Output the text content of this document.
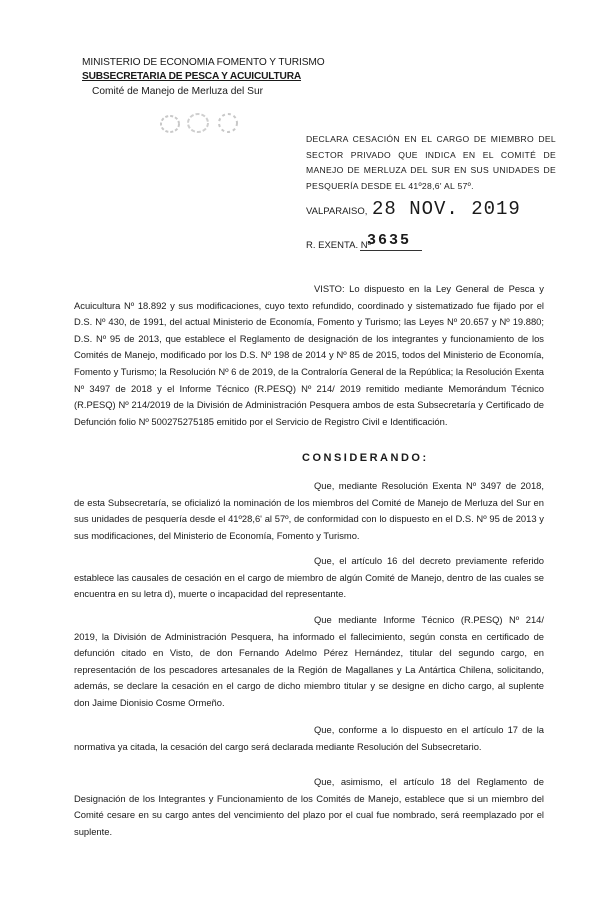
MINISTERIO DE ECONOMIA FOMENTO Y TURISMO
SUBSECRETARIA DE PESCA Y ACUICULTURA
Comité de Manejo de Merluza del Sur
DECLARA CESACIÓN EN EL CARGO DE MIEMBRO DEL SECTOR PRIVADO QUE INDICA EN EL COMITÉ DE MANEJO DE MERLUZA DEL SUR EN SUS UNIDADES DE PESQUERÍA DESDE EL 41º28,6' AL 57º.
VALPARAISO, 28 NOV. 2019
R. EXENTA. Nº
3635

VISTO: Lo dispuesto en la Ley General de Pesca y Acuicultura Nº 18.892 y sus modificaciones, cuyo texto refundido, coordinado y sistematizado fue fijado por el D.S. Nº 430, de 1991, del actual Ministerio de Economía, Fomento y Turismo; las Leyes Nº 20.657 y Nº 19.880; D.S. Nº 95 de 2013, que establece el Reglamento de designación de los integrantes y funcionamiento de los Comités de Manejo, modificado por los D.S. Nº 198 de 2014 y Nº 85 de 2015, todos del Ministerio de Economía, Fomento y Turismo; la Resolución Nº 6 de 2019, de la Contraloría General de la República; la Resolución Exenta Nº 3497 de 2018 y el Informe Técnico (R.PESQ) Nº 214/ 2019 remitido mediante Memorándum Técnico (R.PESQ) Nº 214/2019 de la División de Administración Pesquera ambos de esta Subsecretaría y Certificado de Defunción folio Nº 500275275185 emitido por el Servicio de Registro Civil e Identificación.

CONSIDERANDO:

Que, mediante Resolución Exenta Nº 3497 de 2018, de esta Subsecretaría, se oficializó la nominación de los miembros del Comité de Manejo de Merluza del Sur en sus unidades de pesquería desde el 41º28,6' al 57º, de conformidad con lo dispuesto en el D.S. Nº 95 de 2013 y sus modificaciones, del Ministerio de Economía, Fomento y Turismo.

Que, el artículo 16 del decreto previamente referido establece las causales de cesación en el cargo de miembro de algún Comité de Manejo, dentro de las cuales se encuentra en su letra d), muerte o incapacidad del representante.

Que mediante Informe Técnico (R.PESQ) Nº 214/ 2019, la División de Administración Pesquera, ha informado el fallecimiento, según consta en certificado de defunción citado en Visto, de don Fernando Adelmo Pérez Hernández, titular del segundo cargo, en representación de los pescadores artesanales de la Región de Magallanes y La Antártica Chilena, solicitando, además, se declare la cesación en el cargo de dicho miembro titular y se designe en dicho cargo, al suplente don Jaime Dionisio Cosme Ormeño.

Que, conforme a lo dispuesto en el artículo 17 de la normativa ya citada, la cesación del cargo será declarada mediante Resolución del Subsecretario.

Que, asimismo, el artículo 18 del Reglamento de Designación de los Integrantes y Funcionamiento de los Comités de Manejo, establece que si un miembro del Comité cesare en su cargo antes del vencimiento del plazo por el cual fue nombrado, será reemplazado por el suplente.
